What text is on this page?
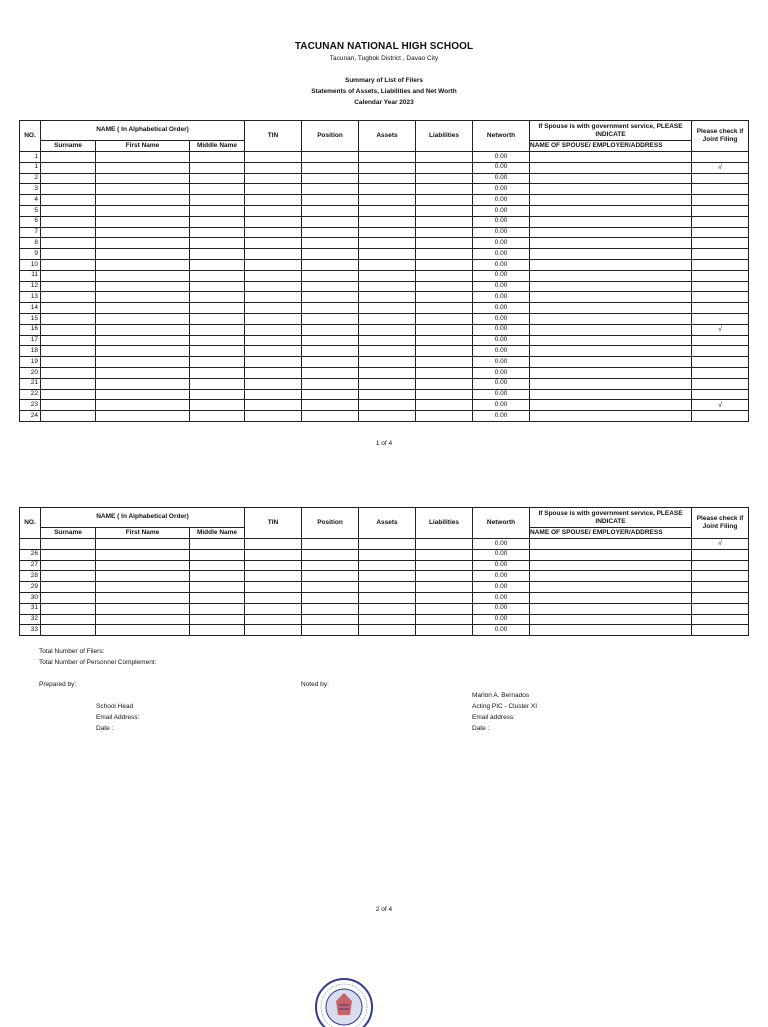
TACUNAN NATIONAL HIGH SCHOOL
Tacunan, Tugbok District , Davao City
Summary of List of Filers
Statements of Assets, Liabilities and Net Worth
Calendar Year 2023
NO.	NAME ( In Alphabetical Order)			TIN	Position	Assets	Liabilities	Networth	If Spouse is with government service, PLEASE INDICATE	Please check if Joint Filing
	Surname	First Name	Middle Name						NAME OF SPOUSE/ EMPLOYER/ADDRESS	
1								0.00		
1								0.00		√
2								0.00		
3								0.00		
4								0.00		
5								0.00		
6								0.00		
7								0.00		
8								0.00		
9								0.00		
10								0.00		
11								0.00		
12								0.00		
13								0.00		
14								0.00		
15								0.00		
16								0.00		√
17								0.00		
18								0.00		
19								0.00		
20								0.00		
21								0.00		
22								0.00		
23								0.00		√
24								0.00		
1 of 4
NO.	NAME ( In Alphabetical Order)			TIN	Position	Assets	Liabilities	Networth	If Spouse is with government service, PLEASE INDICATE	Please check if Joint Filing
	Surname	First Name	Middle Name						NAME OF SPOUSE/ EMPLOYER/ADDRESS	
								0.00		√
26								0.00		
27								0.00		
28								0.00		
29								0.00		
30								0.00		
31								0.00		
32								0.00		
33								0.00		
Total Number of Filers:
Total Number of Personnel Complement:
Prepared by:	Noted by:
Marlon A. Bernados
School Head	Acting PIC - Cluster XI
Email Address:	Email address:
Date :	Date :
2 of 4
